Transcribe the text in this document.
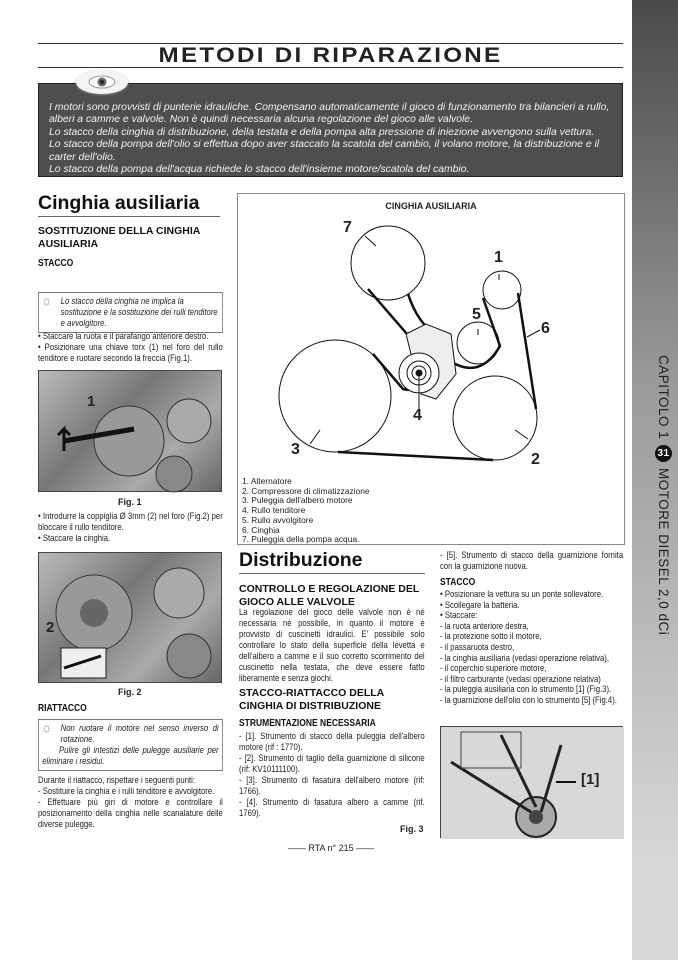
CAPITOLO 1
31
MOTORE DIESEL 2,0 dCi
METODI DI RIPARAZIONE
I motori sono provvisti di punterie idrauliche. Compensano automaticamente il gioco di funzionamento tra bilancieri a rullo, alberi a camme e valvole. Non è quindi necessaria alcuna regolazione del gioco alle valvole.
Lo stacco della cinghia di distribuzione, della testata e della pompa alta pressione di iniezione avvengono sulla vettura.
Lo stacco della pompa dell'olio si effettua dopo aver staccato la scatola del cambio, il volano motore, la distribuzione e il carter dell'olio.
Lo stacco della pompa dell'acqua richiede lo stacco dell'insieme motore/scatola del cambio.
Cinghia ausiliaria
SOSTITUZIONE DELLA CINGHIA AUSILIARIA
STACCO
☼ Lo stacco della cinghia ne implica la sostituzione e la sostituzione dei rulli tenditore e avvolgitore.
• Staccare la ruota e il parafango anteriore destro.
• Posizionare una chiave torx (1) nel foro del rullo tenditore e ruotare secondo la freccia (Fig.1).
1
Fig. 1
• Introdurre la coppiglia Ø 3mm (2) nel foro (Fig.2) per bloccare il rullo tenditore.
• Staccare la cinghia.
2
Fig. 2
RIATTACCO
☼ Non ruotare il motore nel senso inverso di rotazione.
Pulire gli intestizi delle pulegge ausiliarie per eliminare i residui.
Durante il riattacco, rispettare i seguenti punti:
- Sostituire la cinghia e i rulli tenditore e avvolgitore.
- Effettuare più giri di motore e controllare il posizionamento della cinghia nelle scanalature delle diverse pulegge.
CINGHIA AUSILIARIA
7
1
5
6
4
3
2
1. Alternatore
2. Compressore di climatizzazione
3. Puleggia dell'albero motore
4. Rullo tenditore
5. Rullo avvolgitore
6. Cinghia
7. Puleggia della pompa acqua.
Distribuzione
CONTROLLO E REGOLAZIONE DEL GIOCO ALLE VALVOLE
La regolazione del gioco delle valvole non è né necessaria né possibile, in quanto il motore è provvisto di cuscinetti idraulici. E' possibile solo controllare lo stato della superficie della levetta e dell'albero a camme e il suo corretto scorrimento del cuscinetto nella testata, che deve essere fatto liberamente e senza giochi.
STACCO-RIATTACCO DELLA CINGHIA DI DISTRIBUZIONE
STRUMENTAZIONE NECESSARIA
- [1]. Strumento di stacco della puleggia dell'albero motore (rif : 1770).
- [2]. Strumento di taglio della guarnizione di silicone (rif: KV10111100).
- [3]. Strumento di fasatura dell'albero motore (rif: 1766).
- [4]. Strumento di fasatura albero a camme (rif. 1769).
Fig. 3
- [5]. Strumento di stacco della guarnizione fornita con la guarnizione nuova.
STACCO
• Posizionare la vettura su un ponte sollevatore.
• Scollegare la batteria.
• Staccare:
- la ruota anteriore destra,
- la protezione sotto il motore,
- il passaruota destro,
- la cinghia ausiliaria (vedasi operazione relativa),
- il coperchio superiore motore,
- il filtro carburante (vedasi operazione relativa)
- la puleggia ausiliaria con lo strumento [1] (Fig.3).
- la guarnizione dell'olio con lo strumento [5] (Fig.4).
[1]
—— RTA n° 215 ——
